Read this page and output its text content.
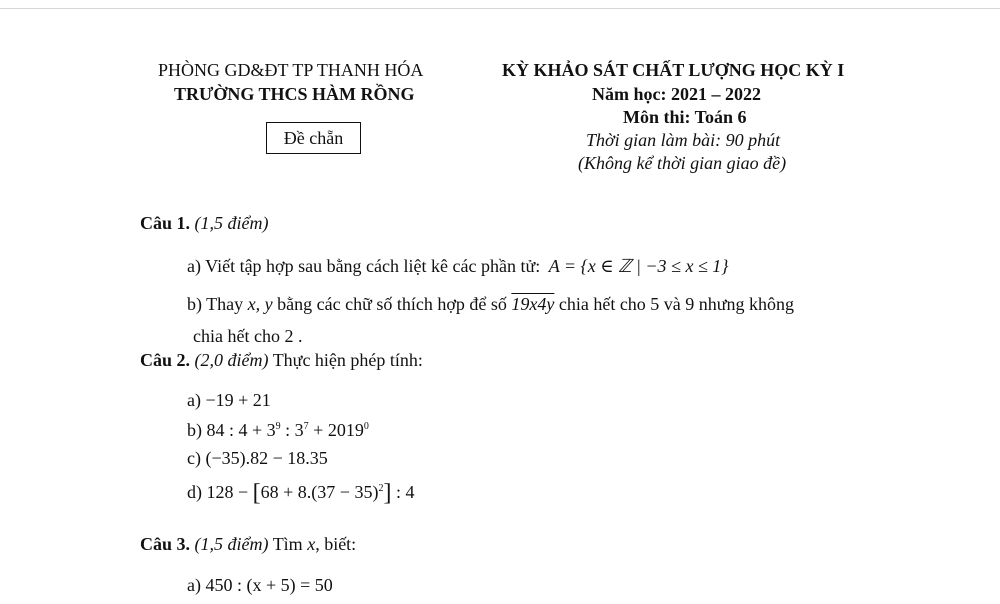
PHÒNG GD&ĐT TP THANH HÓA
TRƯỜNG THCS HÀM RỒNG
Đề chẵn
KỲ KHẢO SÁT CHẤT LƯỢNG HỌC KỲ I
Năm học: 2021 – 2022
Môn thi: Toán 6
Thời gian làm bài: 90 phút
(Không kể thời gian giao đề)
Câu 1. (1,5 điểm)
a) Viết tập hợp sau bằng cách liệt kê các phần tử: A = {x ∈ ℤ | −3 ≤ x ≤ 1}
b) Thay x, y bằng các chữ số thích hợp để số 19x4y chia hết cho 5 và 9 nhưng không
chia hết cho 2 .
Câu 2. (2,0 điểm) Thực hiện phép tính:
a) −19 + 21
b) 84 : $4 + 3^9$ : $3^7 + 2019^0$
c) (−35).82 − 18.35
d) $128 - [68 + 8.(37 - 35)^2]$ : 4
Câu 3. (1,5 điểm) Tìm x, biết:
a) 450 : (x + 5) = 50
